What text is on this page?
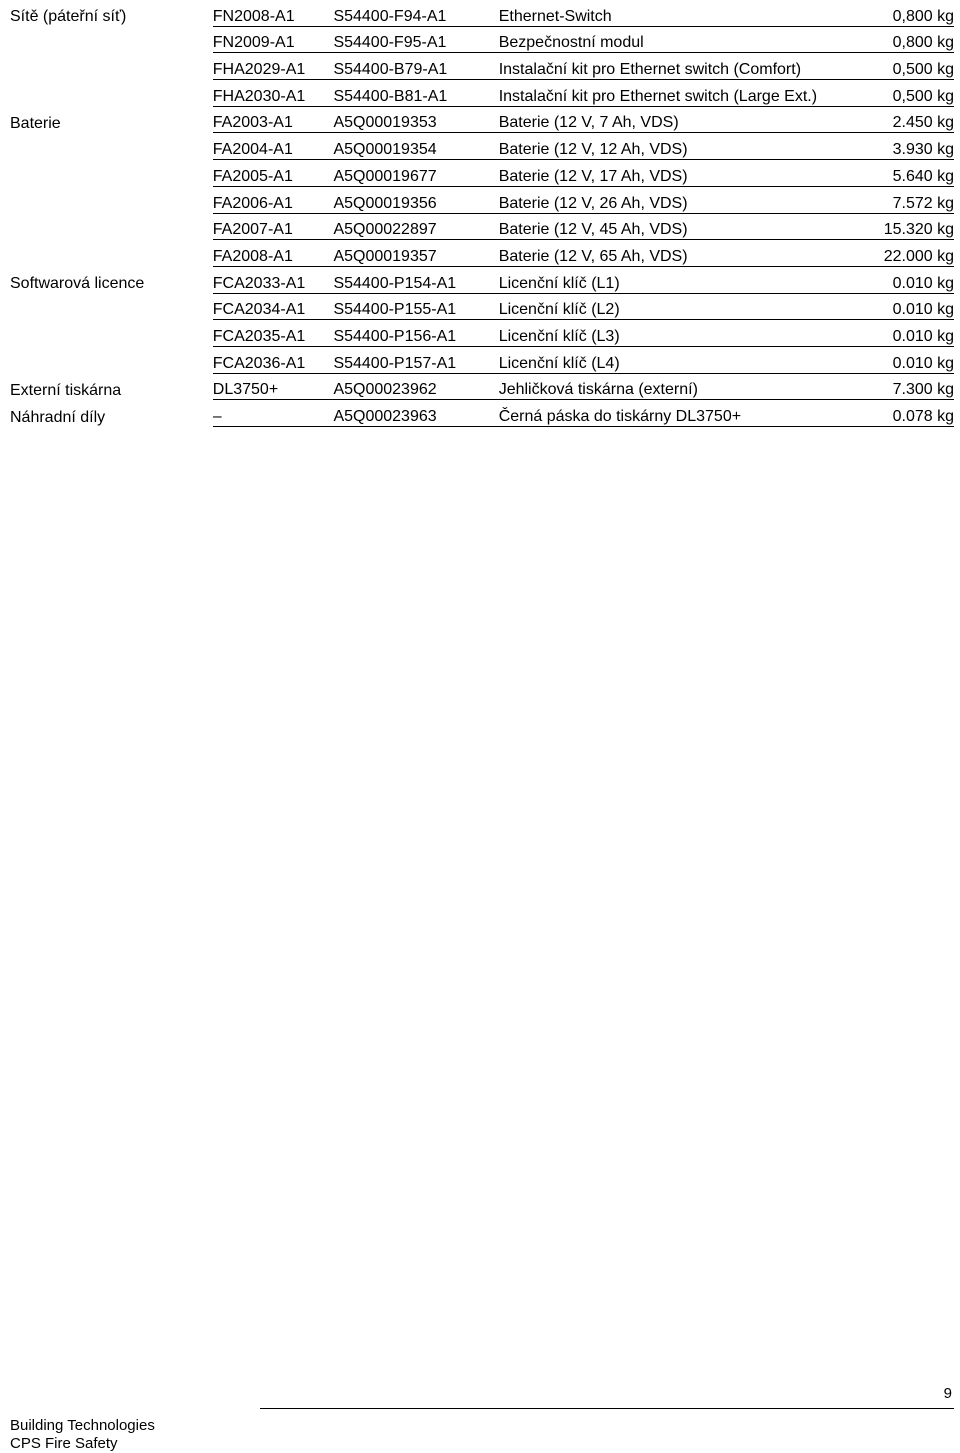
Sítě (páteřní síť)	FN2008-A1	S54400-F94-A1	Ethernet-Switch	0,800 kg
	FN2009-A1	S54400-F95-A1	Bezpečnostní modul	0,800 kg
	FHA2029-A1	S54400-B79-A1	Instalační kit pro Ethernet switch (Comfort)	0,500 kg
	FHA2030-A1	S54400-B81-A1	Instalační kit pro Ethernet switch (Large Ext.)	0,500 kg
Baterie	FA2003-A1	A5Q00019353	Baterie (12 V, 7 Ah, VDS)	2.450 kg
	FA2004-A1	A5Q00019354	Baterie (12 V, 12 Ah, VDS)	3.930 kg
	FA2005-A1	A5Q00019677	Baterie (12 V, 17 Ah, VDS)	5.640 kg
	FA2006-A1	A5Q00019356	Baterie (12 V, 26 Ah, VDS)	7.572 kg
	FA2007-A1	A5Q00022897	Baterie (12 V, 45 Ah, VDS)	15.320 kg
	FA2008-A1	A5Q00019357	Baterie (12 V, 65 Ah, VDS)	22.000 kg
Softwarová licence	FCA2033-A1	S54400-P154-A1	Licenční klíč (L1)	0.010 kg
	FCA2034-A1	S54400-P155-A1	Licenční klíč (L2)	0.010 kg
	FCA2035-A1	S54400-P156-A1	Licenční klíč (L3)	0.010 kg
	FCA2036-A1	S54400-P157-A1	Licenční klíč (L4)	0.010 kg
Externí tiskárna	DL3750+	A5Q00023962	Jehličková tiskárna (externí)	7.300 kg
Náhradní díly	–	A5Q00023963	Černá páska do tiskárny DL3750+	0.078 kg
9
Building Technologies
CPS Fire Safety
